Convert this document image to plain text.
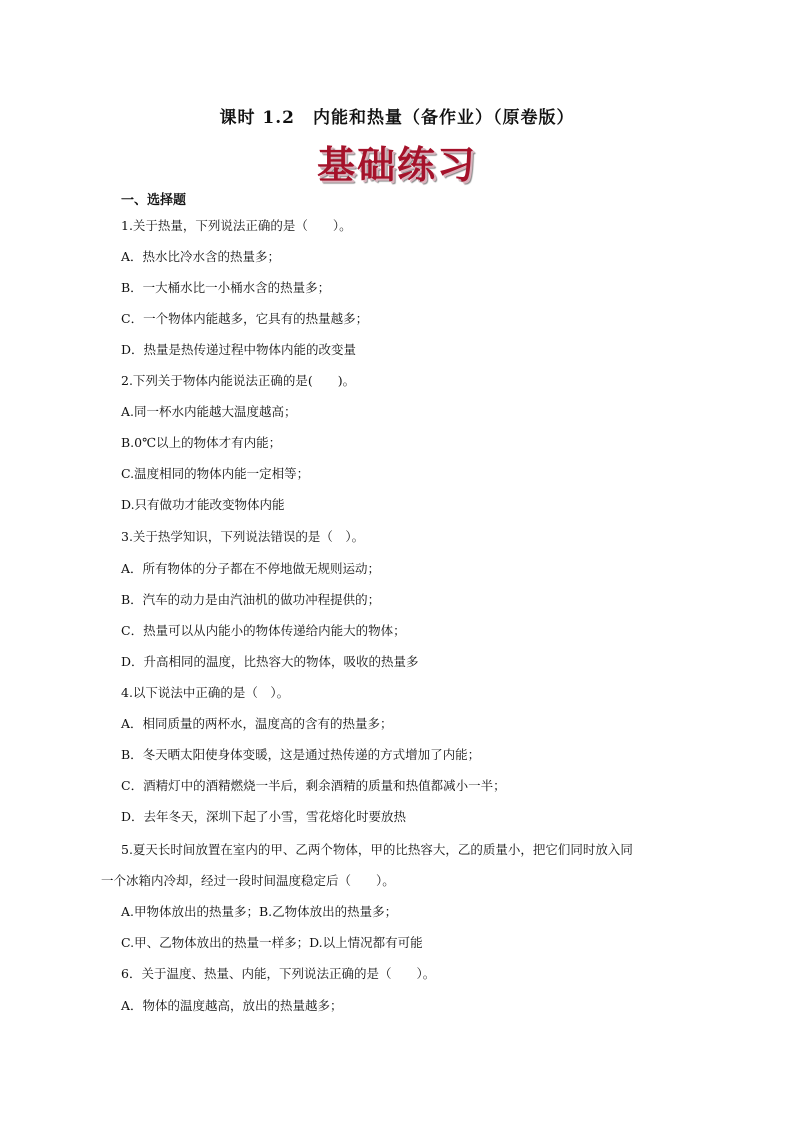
课时 1.2　内能和热量（备作业）（原卷版）
基础练习
一、选择题
1.关于热量，下列说法正确的是（　　）。
A．热水比冷水含的热量多；
B．一大桶水比一小桶水含的热量多；
C．一个物体内能越多，它具有的热量越多；
D．热量是热传递过程中物体内能的改变量
2.下列关于物体内能说法正确的是(　　)。
A.同一杯水内能越大温度越高；
B.0℃以上的物体才有内能；
C.温度相同的物体内能一定相等；
D.只有做功才能改变物体内能
3.关于热学知识，下列说法错误的是（　）。
A．所有物体的分子都在不停地做无规则运动；
B．汽车的动力是由汽油机的做功冲程提供的；
C．热量可以从内能小的物体传递给内能大的物体；
D．升高相同的温度，比热容大的物体，吸收的热量多
4.以下说法中正确的是（　）。
A．相同质量的两杯水，温度高的含有的热量多；
B．冬天晒太阳使身体变暖，这是通过热传递的方式增加了内能；
C．酒精灯中的酒精燃烧一半后，剩余酒精的质量和热值都减小一半；
D．去年冬天，深圳下起了小雪，雪花熔化时要放热
5.夏天长时间放置在室内的甲、乙两个物体，甲的比热容大，乙的质量小，把它们同时放入同
一个冰箱内冷却，经过一段时间温度稳定后（　　）。
A.甲物体放出的热量多；B.乙物体放出的热量多；
C.甲、乙物体放出的热量一样多；D.以上情况都有可能
6．关于温度、热量、内能，下列说法正确的是（　　）。
A．物体的温度越高，放出的热量越多；
